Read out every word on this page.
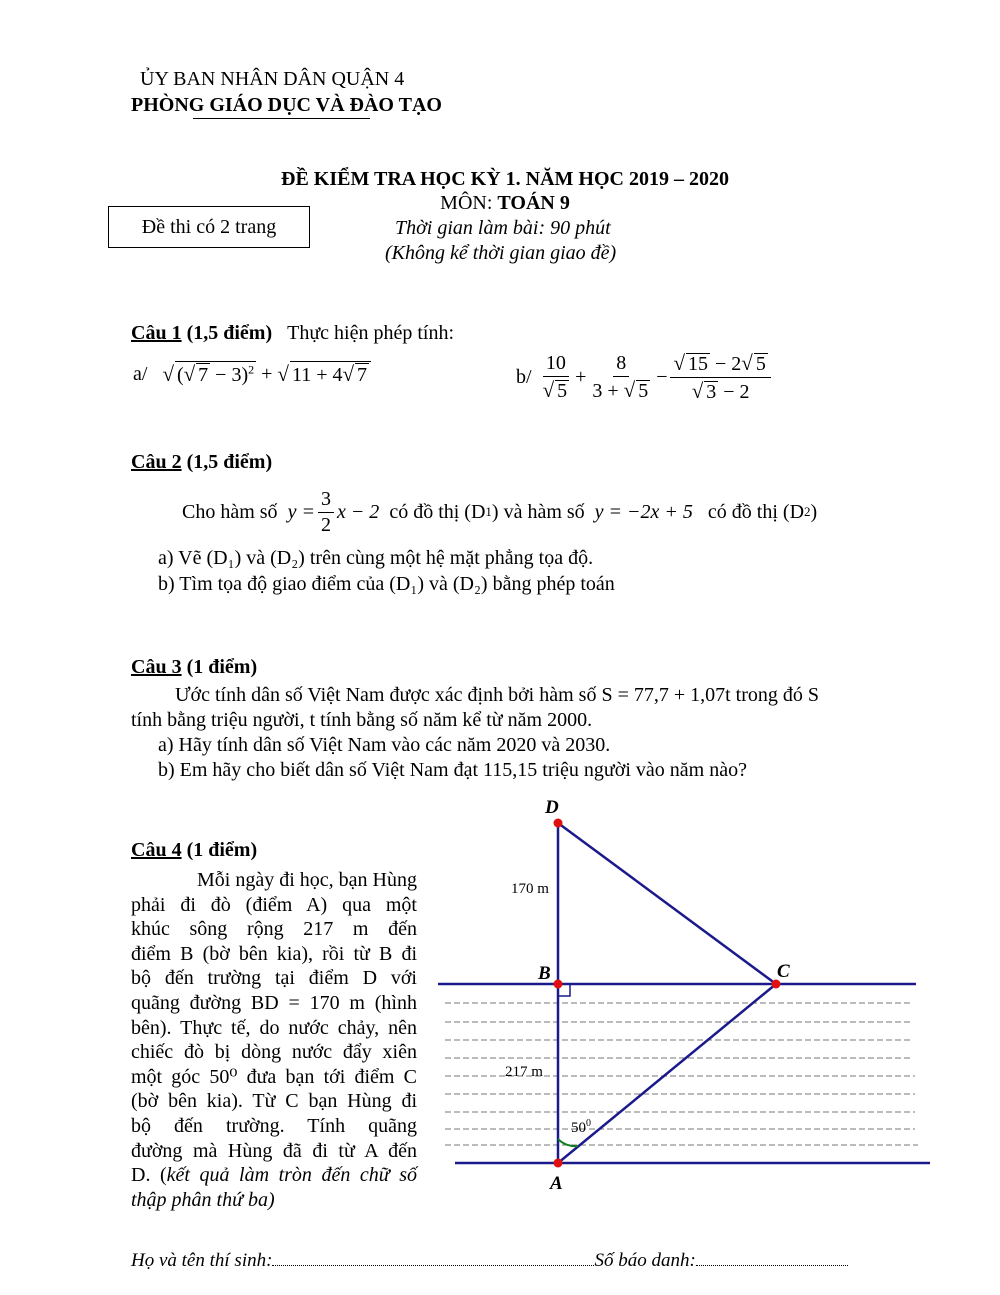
ỦY BAN NHÂN DÂN QUẬN 4
PHÒNG GIÁO DỤC VÀ ĐÀO TẠO
ĐỀ KIỂM TRA HỌC KỲ 1. NĂM HỌC 2019 – 2020
MÔN: TOÁN 9
Đề thi có 2 trang	Thời gian làm bài: 90 phút
(Không kể thời gian giao đề)
Câu 1 (1,5 điểm) Thực hiện phép tính:
a/
√ (√ 7 − 3)$^2$
+
√ 11 + 4√ 7	b/
$\frac{10}{√ 5} + \frac{8}{3 + √ 5} - \frac{√ 15 - 2√ 5}{√ 3 - 2}$
Câu 2 (1,5 điểm)
Cho hàm số
$y = \frac{3}{2}$ x − 2
có đồ thị (D 1 ) và hàm số
y = −2x + 5
có đồ thị (D 2 )
a) Vẽ (D₁) và (D₂) trên cùng một hệ mặt phẳng tọa độ.
b) Tìm tọa độ giao điểm của (D₁) và (D₂) bằng phép toán
Câu 3 (1 điểm)
Ước tính dân số Việt Nam được xác định bởi hàm số S = 77,7 + 1,07t trong đó S
tính bằng triệu người, t tính bằng số năm kể từ năm 2000.
a) Hãy tính dân số Việt Nam vào các năm 2020 và 2030.
b) Em hãy cho biết dân số Việt Nam đạt 115,15 triệu người vào năm nào?
Câu 4 (1 điểm)
Mỗi ngày đi học, bạn Hùng
phải đi đò (điểm A) qua một
khúc sông rộng 217 m đến
điểm B (bờ bên kia), rồi từ B đi
bộ đến trường tại điểm D với
quãng đường BD = 170 m (hình
bên). Thực tế, do nước chảy, nên
chiếc đò bị dòng nước đẩy xiên
một góc 50⁰ đưa bạn tới điểm C
(bờ bên kia). Từ C bạn Hùng đi
bộ đến trường. Tính quãng
đường mà Hùng đã đi từ A đến
D. (kết quả làm tròn đến chữ số
thập phân thứ ba)
D
B	C
A
170 m
217 m
$50^0$
Họ và tên thí sinh:	Số báo danh:
